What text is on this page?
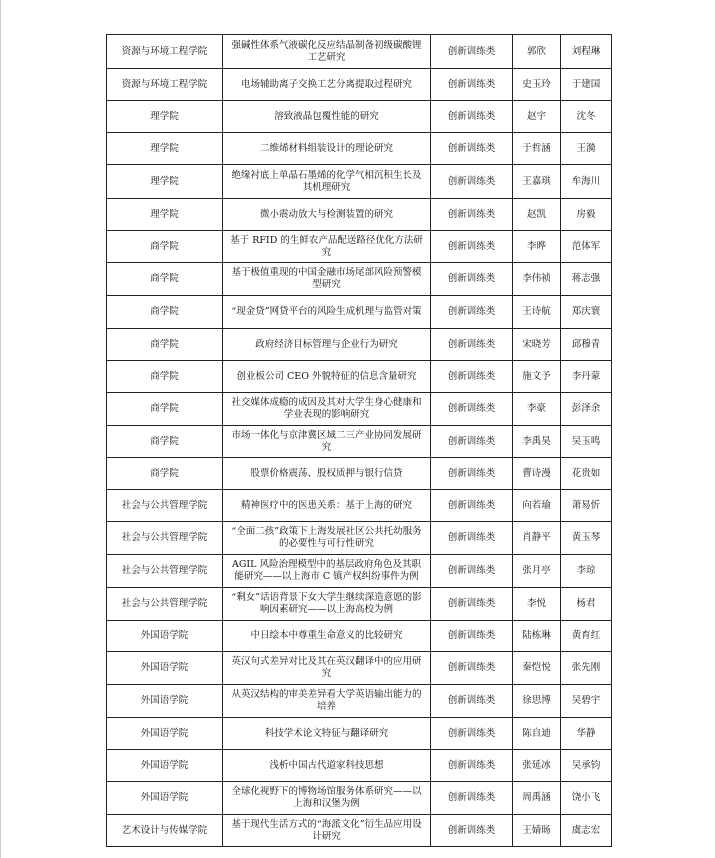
资源与环境工程学院	强碱性体系气液碳化反应结晶制备初级碳酸锂工艺研究	创新训练类	郭欣	刘程琳
资源与环境工程学院	电场辅助离子交换工艺分离提取过程研究	创新训练类	史玉玲	于建国
理学院	溶致液晶包覆性能的研究	创新训练类	赵宇	沈冬
理学院	二维烯材料组装设计的理论研究	创新训练类	于哲涵	王漪
理学院	绝缘衬底上单晶石墨烯的化学气相沉积生长及其机理研究	创新训练类	王嘉琪	牟海川
理学院	微小震动放大与检测装置的研究	创新训练类	赵凯	房毅
商学院	基于 RFID 的生鲜农产品配送路径优化方法研究	创新训练类	李晔	范体军
商学院	基于极值重现的中国金融市场尾部风险预警模型研究	创新训练类	李伟祯	蒋志强
商学院	“现金贷”网贷平台的风险生成机理与监管对策	创新训练类	王诗航	郑庆寰
商学院	政府经济目标管理与企业行为研究	创新训练类	宋晓芳	邱穆青
商学院	创业板公司 CEO 外貌特征的信息含量研究	创新训练类	施文予	李丹蒙
商学院	社交媒体成瘾的成因及其对大学生身心健康和学业表现的影响研究	创新训练类	李豪	彭泽余
商学院	市场一体化与京津冀区域二三产业协同发展研究	创新训练类	李禹昊	吴玉鸣
商学院	股票价格震荡、股权质押与银行信贷	创新训练类	曹诗漫	花贵如
社会与公共管理学院	精神医疗中的医患关系：基于上海的研究	创新训练类	向若瑜	萧易忻
社会与公共管理学院	“全面二孩”政策下上海发展社区公共托幼服务的必要性与可行性研究	创新训练类	肖静平	黄玉琴
社会与公共管理学院	AGIL 风险治理模型中的基层政府角色及其职能研究——以上海市 C 镇产权纠纷事件为例	创新训练类	张月亭	李琼
社会与公共管理学院	“剩女”话语背景下女大学生继续深造意愿的影响因素研究——以上海高校为例	创新训练类	李悦	杨君
外国语学院	中日绘本中尊重生命意义的比较研究	创新训练类	陆栋琳	黄育红
外国语学院	英汉句式差异对比及其在英汉翻译中的应用研究	创新训练类	秦恺悦	张先刚
外国语学院	从英汉结构的审美差异看大学英语输出能力的培养	创新训练类	徐思博	吴碧宇
外国语学院	科技学术论文特征与翻译研究	创新训练类	陈自迪	华静
外国语学院	浅析中国古代道家科技思想	创新训练类	张延冰	吴承钧
外国语学院	全球化视野下的博物场馆服务体系研究——以上海和汉堡为例	创新训练类	周禹涵	饶小飞
艺术设计与传媒学院	基于现代生活方式的“海派文化”衍生品应用设计研究	创新训练类	王婧旸	虞志宏
